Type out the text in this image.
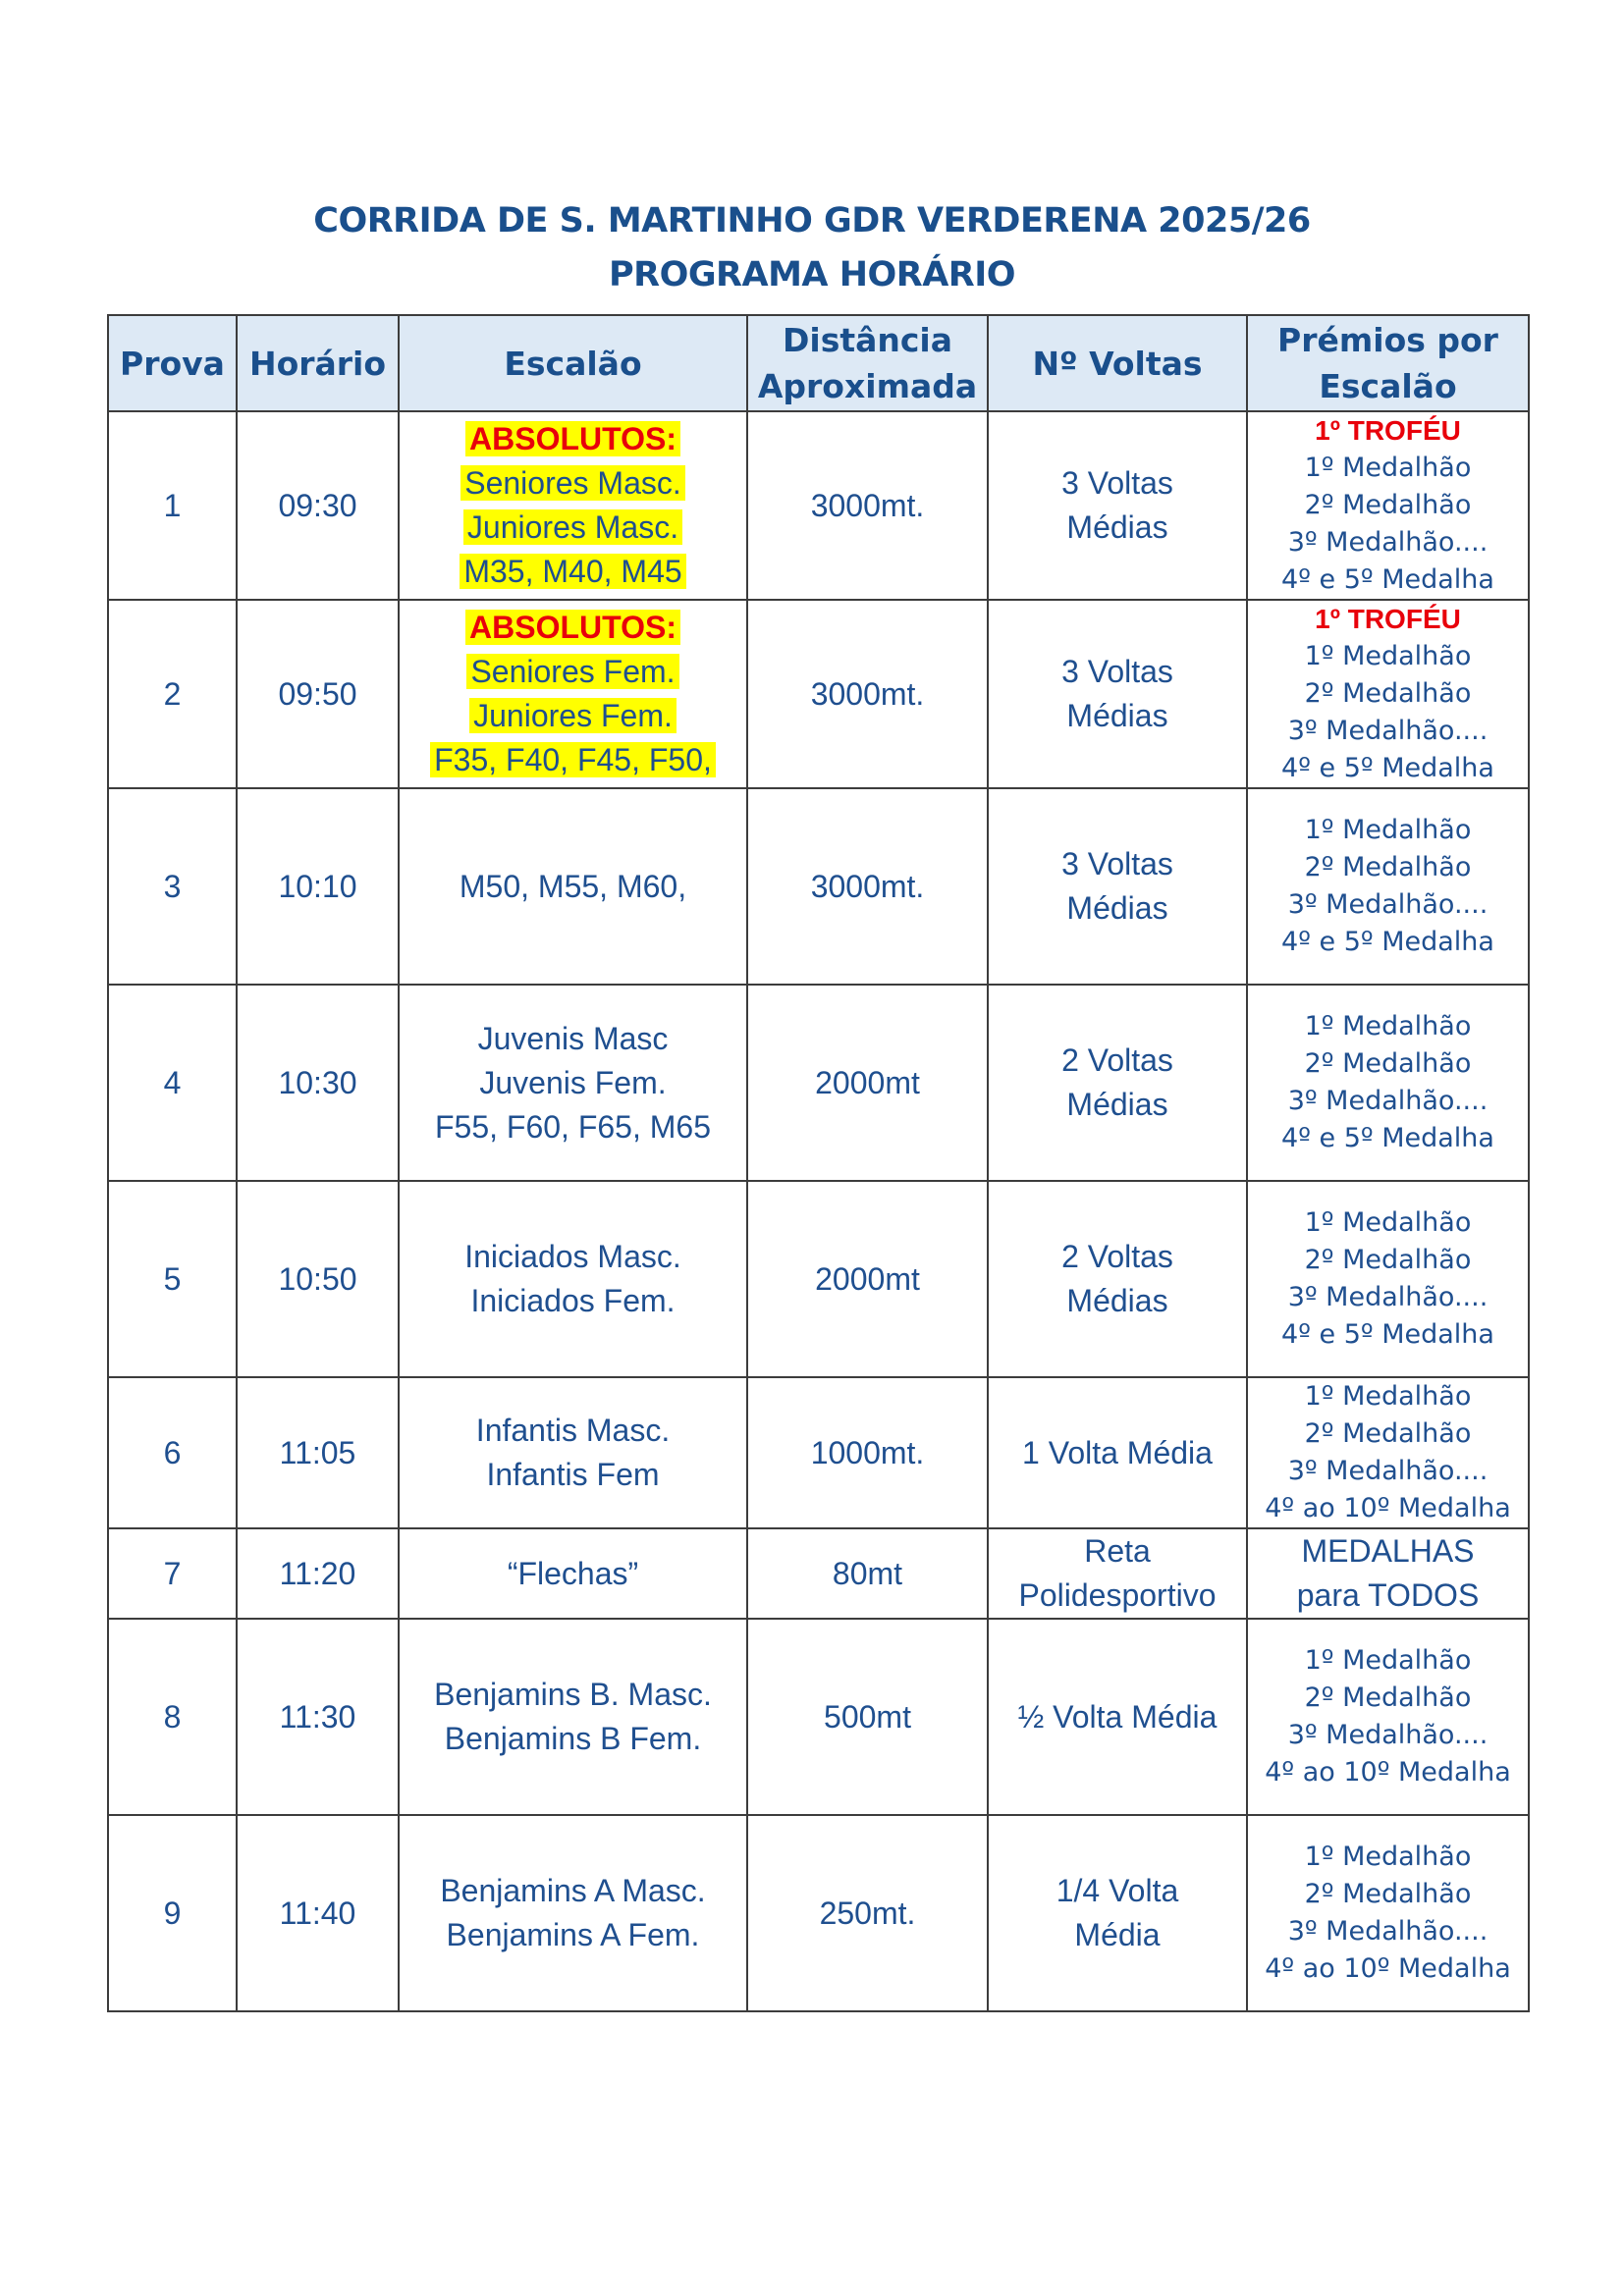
CORRIDA DE S. MARTINHO GDR VERDERENA 2025/26
PROGRAMA HORÁRIO
Prova	Horário	Escalão	Distância
Aproximada	Nº Voltas	Prémios por
Escalão

1	09:30	ABSOLUTOS:
Seniores Masc.
Juniores Masc.
M35, M40, M45	3000mt.	3 Voltas
Médias	1º TROFÉU
1º Medalhão
2º Medalhão
3º Medalhão....
4º e 5º Medalha

2	09:50	ABSOLUTOS:
Seniores Fem.
Juniores Fem.
F35, F40, F45, F50,	3000mt.	3 Voltas
Médias	1º TROFÉU
1º Medalhão
2º Medalhão
3º Medalhão....
4º e 5º Medalha

3	10:10	M50, M55, M60,	3000mt.	3 Voltas
Médias	1º Medalhão
2º Medalhão
3º Medalhão....
4º e 5º Medalha

4	10:30	Juvenis Masc
Juvenis Fem.
F55, F60, F65, M65	2000mt	2 Voltas
Médias	1º Medalhão
2º Medalhão
3º Medalhão....
4º e 5º Medalha

5	10:50	Iniciados Masc.
Iniciados Fem.	2000mt	2 Voltas
Médias	1º Medalhão
2º Medalhão
3º Medalhão....
4º e 5º Medalha

6	11:05	Infantis Masc.
Infantis Fem	1000mt.	1 Volta Média	1º Medalhão
2º Medalhão
3º Medalhão....
4º ao 10º Medalha

7	11:20	“Flechas”	80mt	Reta
Polidesportivo	MEDALHAS
para TODOS

8	11:30	Benjamins B. Masc.
Benjamins B Fem.	500mt	½ Volta Média	1º Medalhão
2º Medalhão
3º Medalhão....
4º ao 10º Medalha

9	11:40	Benjamins A Masc.
Benjamins A Fem.	250mt.	1/4 Volta
Média	1º Medalhão
2º Medalhão
3º Medalhão....
4º ao 10º Medalha
